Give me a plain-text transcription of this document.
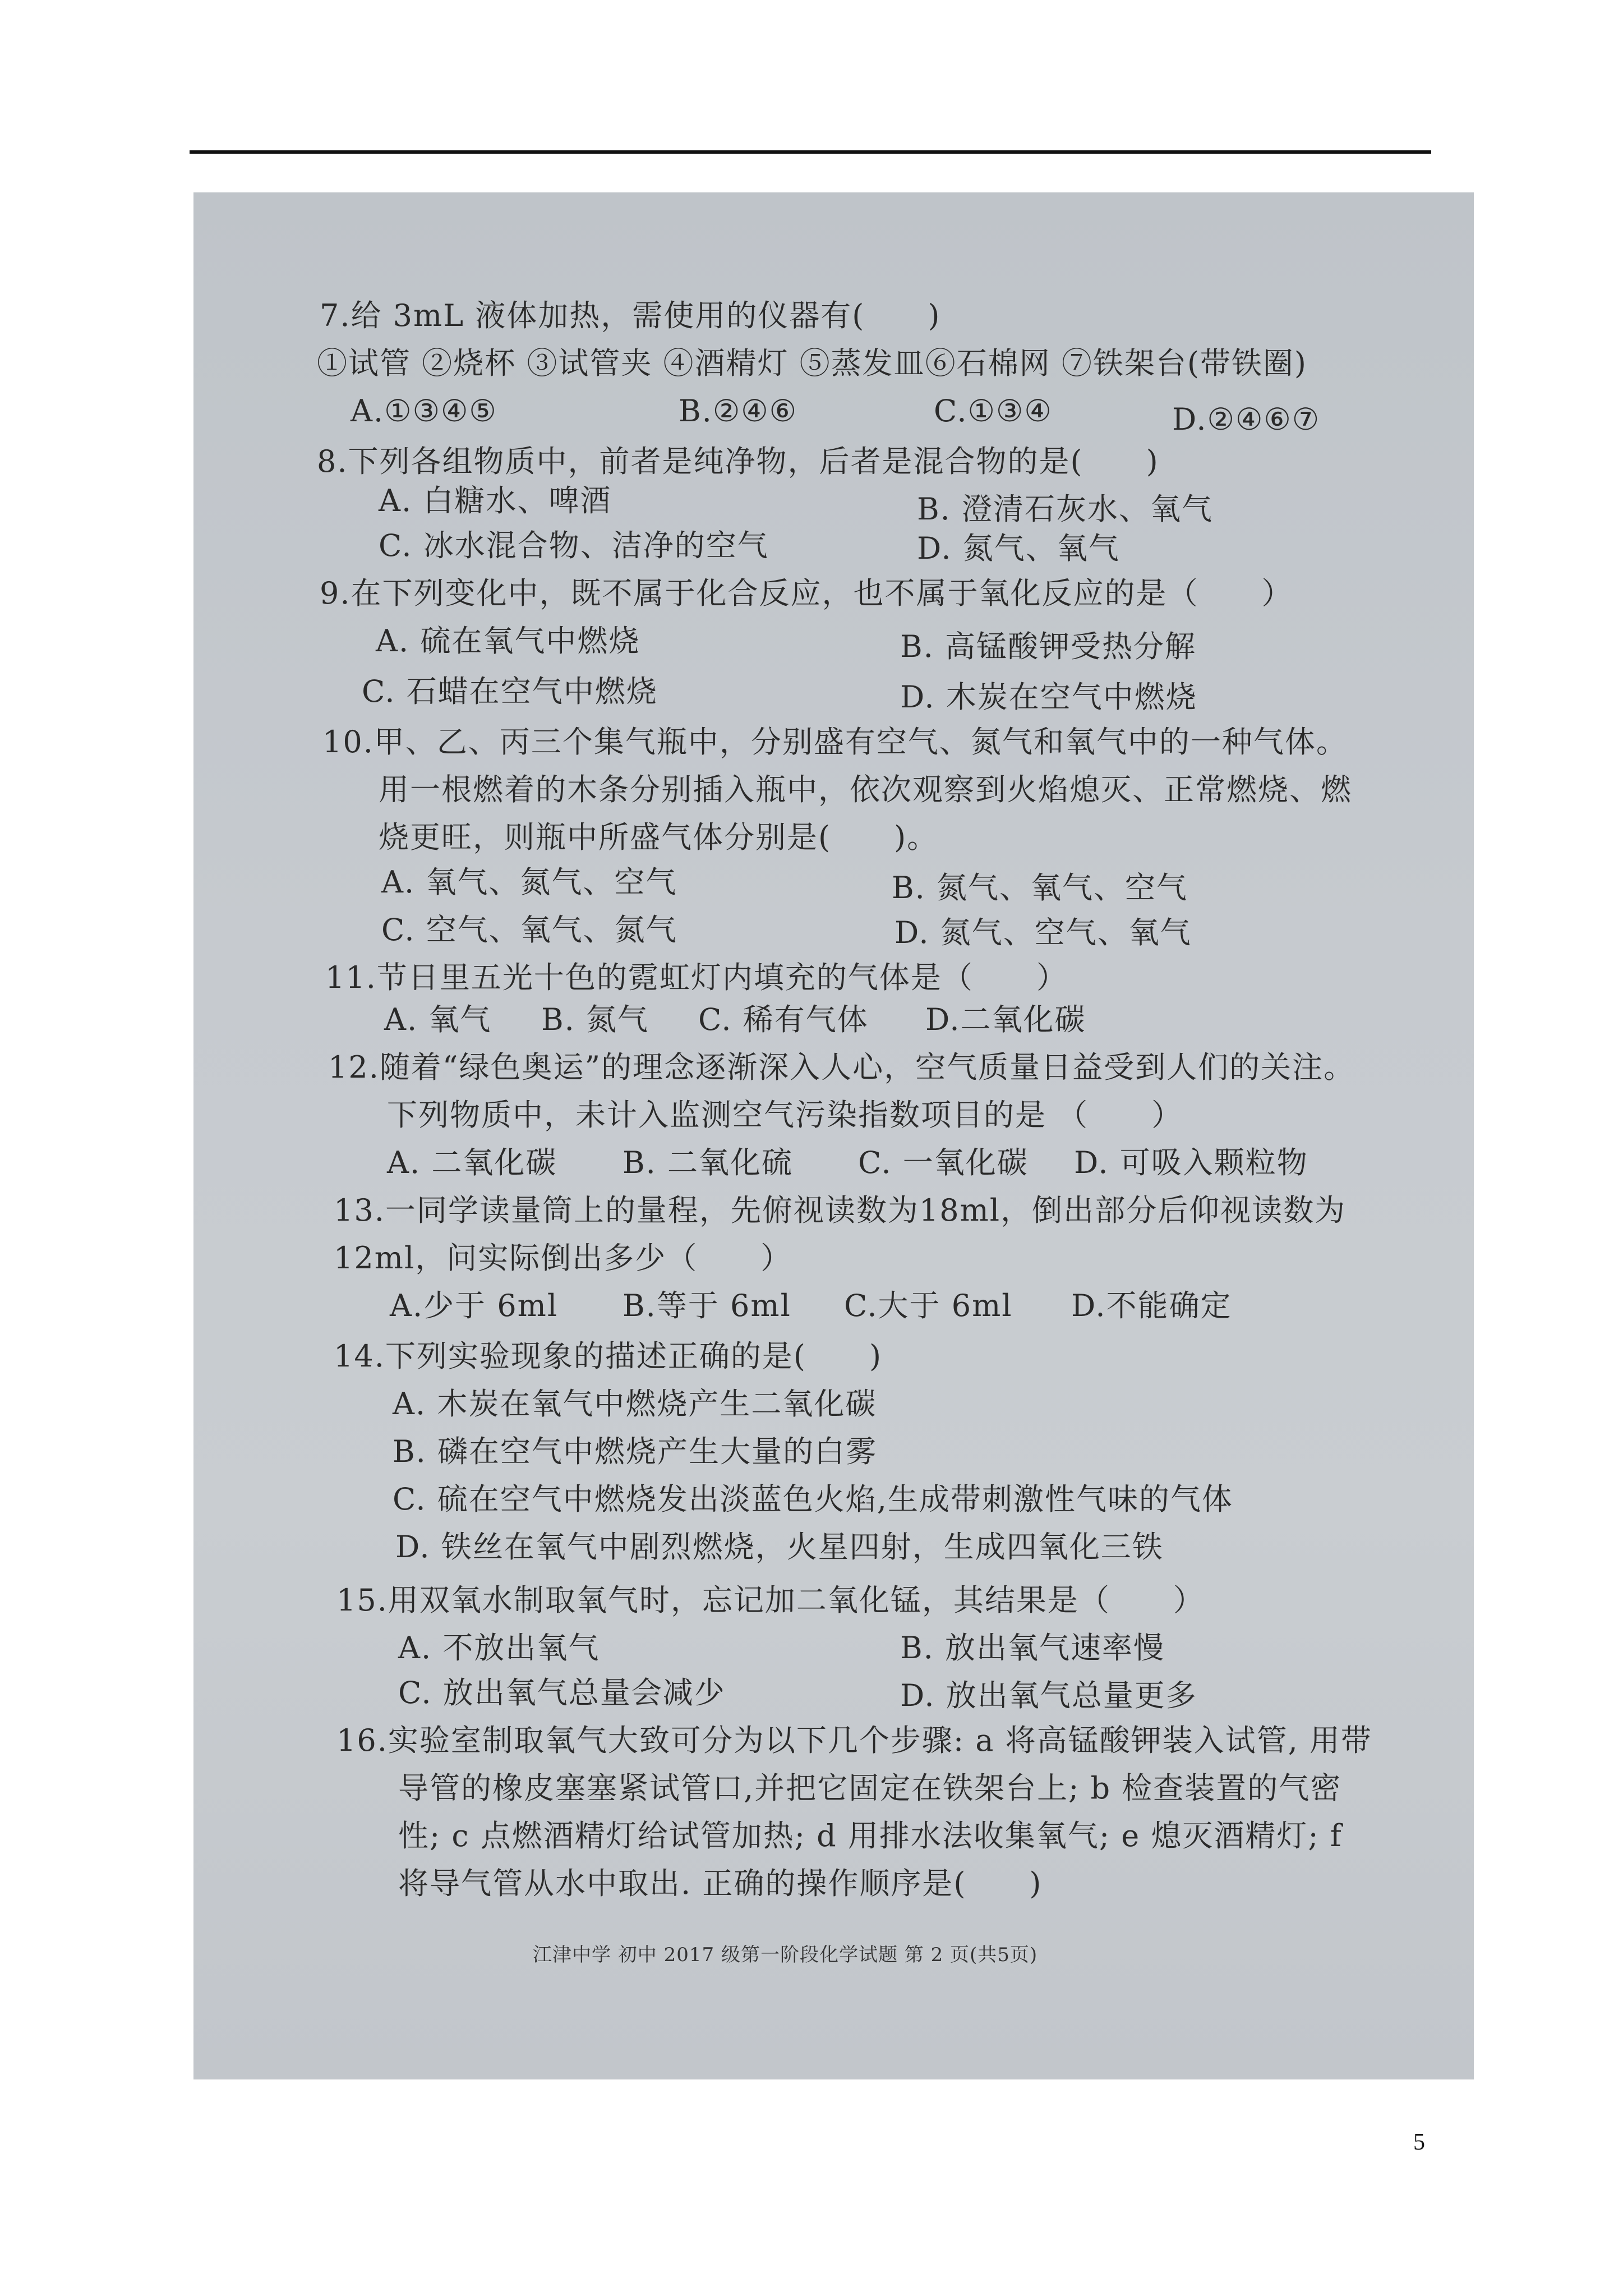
7.给 3mL 液体加热，需使用的仪器有(　　)
①试管 ②烧杯 ③试管夹 ④酒精灯 ⑤蒸发皿⑥石棉网 ⑦铁架台(带铁圈)
A.①③④⑤	B.②④⑥	C.①③④	D.②④⑥⑦
8.下列各组物质中，前者是纯净物，后者是混合物的是(　　)
A. 白糖水、啤酒	B. 澄清石灰水、氧气
C. 冰水混合物、洁净的空气	D. 氮气、氧气
9.在下列变化中，既不属于化合反应，也不属于氧化反应的是（　　）
A. 硫在氧气中燃烧	B. 高锰酸钾受热分解
C. 石蜡在空气中燃烧	D. 木炭在空气中燃烧
10.甲、乙、丙三个集气瓶中，分别盛有空气、氮气和氧气中的一种气体。
用一根燃着的木条分别插入瓶中，依次观察到火焰熄灭、正常燃烧、燃
烧更旺，则瓶中所盛气体分别是(　　)。
A. 氧气、氮气、空气	B. 氮气、氧气、空气
C. 空气、氧气、氮气	D. 氮气、空气、氧气
11.节日里五光十色的霓虹灯内填充的气体是（　　）
A. 氧气 B. 氮气 C. 稀有气体 D.二氧化碳
12.随着“绿色奥运”的理念逐渐深入人心，空气质量日益受到人们的关注。
下列物质中，未计入监测空气污染指数项目的是 （　　）
A. 二氧化碳 B. 二氧化硫 C. 一氧化碳 D. 可吸入颗粒物
13.一同学读量筒上的量程，先俯视读数为18ml，倒出部分后仰视读数为
12ml，问实际倒出多少（　　）
A.少于 6ml B.等于 6ml C.大于 6ml D.不能确定
14.下列实验现象的描述正确的是(　　)
A. 木炭在氧气中燃烧产生二氧化碳
B. 磷在空气中燃烧产生大量的白雾
C. 硫在空气中燃烧发出淡蓝色火焰,生成带刺激性气味的气体
D. 铁丝在氧气中剧烈燃烧，火星四射，生成四氧化三铁
15.用双氧水制取氧气时，忘记加二氧化锰，其结果是（　　）
A. 不放出氧气	B. 放出氧气速率慢
C. 放出氧气总量会减少	D. 放出氧气总量更多
16.实验室制取氧气大致可分为以下几个步骤: a 将高锰酸钾装入试管, 用带
导管的橡皮塞塞紧试管口,并把它固定在铁架台上; b 检查装置的气密
性; c 点燃酒精灯给试管加热; d 用排水法收集氧气; e 熄灭酒精灯; f
将导气管从水中取出. 正确的操作顺序是(　　)
江津中学 初中 2017 级第一阶段化学试题 第 2 页(共5页)
5
